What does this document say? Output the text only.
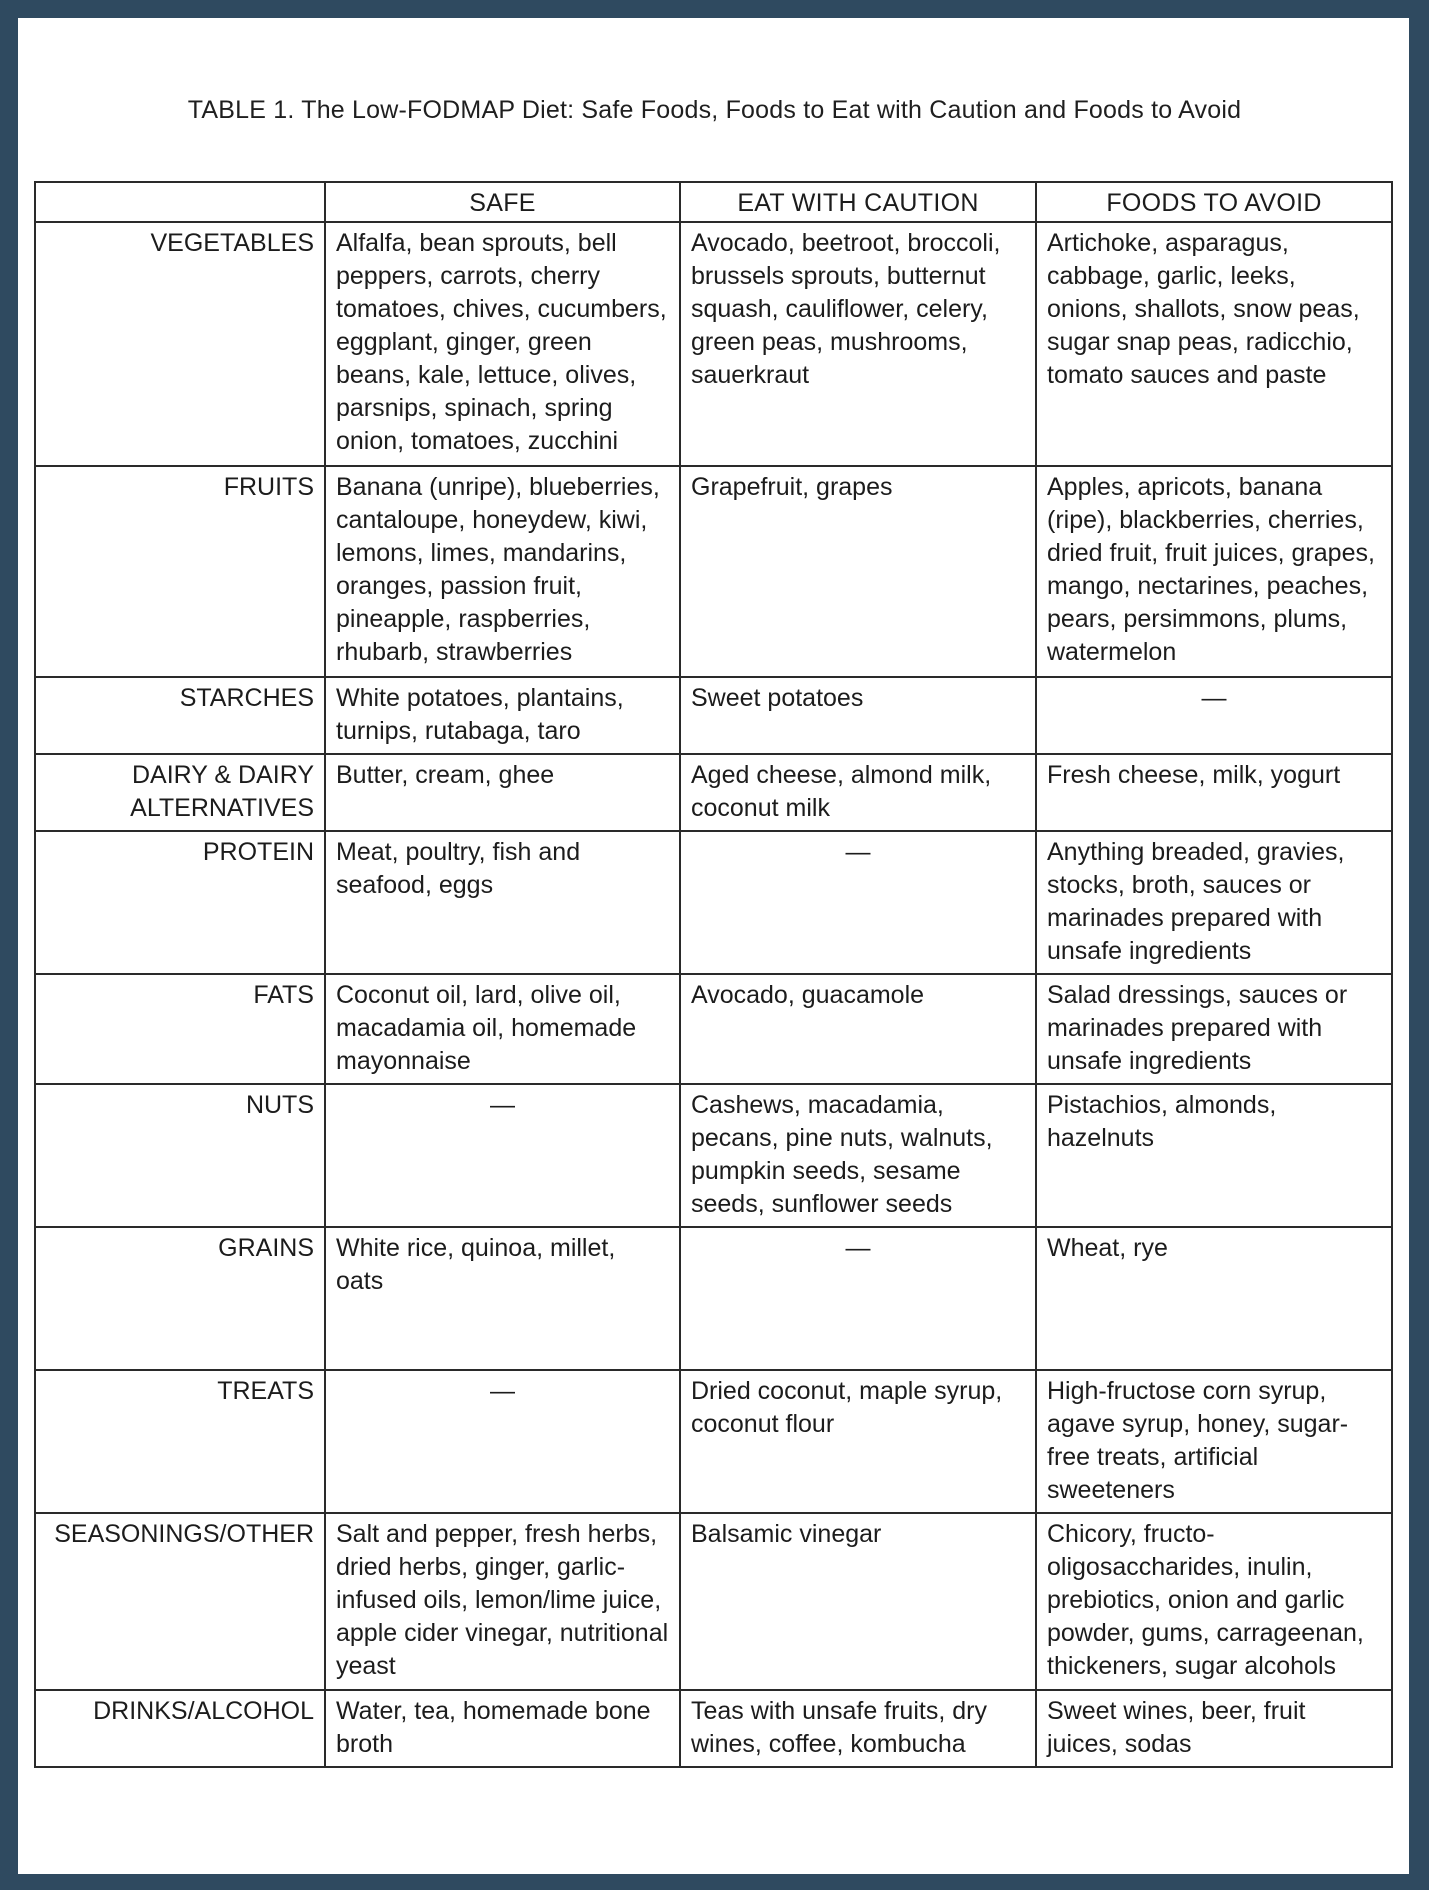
TABLE 1. The Low-FODMAP Diet: Safe Foods, Foods to Eat with Caution and Foods to Avoid
	SAFE	EAT WITH CAUTION	FOODS TO AVOID
VEGETABLES	Alfalfa, bean sprouts, bell peppers, carrots, cherry tomatoes, chives, cucumbers, eggplant, ginger, green beans, kale, lettuce, olives, parsnips, spinach, spring onion, tomatoes, zucchini	Avocado, beetroot, broccoli, brussels sprouts, butternut squash, cauliflower, celery, green peas, mushrooms, sauerkraut	Artichoke, asparagus, cabbage, garlic, leeks, onions, shallots, snow peas, sugar snap peas, radicchio, tomato sauces and paste
FRUITS	Banana (unripe), blueberries, cantaloupe, honeydew, kiwi, lemons, limes, mandarins, oranges, passion fruit, pineapple, raspberries, rhubarb, strawberries	Grapefruit, grapes	Apples, apricots, banana (ripe), blackberries, cherries, dried fruit, fruit juices, grapes, mango, nectarines, peaches, pears, persimmons, plums, watermelon
STARCHES	White potatoes, plantains, turnips, rutabaga, taro	Sweet potatoes	—
DAIRY & DAIRY ALTERNATIVES	Butter, cream, ghee	Aged cheese, almond milk, coconut milk	Fresh cheese, milk, yogurt
PROTEIN	Meat, poultry, fish and seafood, eggs	—	Anything breaded, gravies, stocks, broth, sauces or marinades prepared with unsafe ingredients
FATS	Coconut oil, lard, olive oil, macadamia oil, homemade mayonnaise	Avocado, guacamole	Salad dressings, sauces or marinades prepared with unsafe ingredients
NUTS	—	Cashews, macadamia, pecans, pine nuts, walnuts, pumpkin seeds, sesame seeds, sunflower seeds	Pistachios, almonds, hazelnuts
GRAINS	White rice, quinoa, millet, oats	—	Wheat, rye
TREATS	—	Dried coconut, maple syrup, coconut flour	High-fructose corn syrup, agave syrup, honey, sugar-free treats, artificial sweeteners
SEASONINGS/OTHER	Salt and pepper, fresh herbs, dried herbs, ginger, garlic-infused oils, lemon/lime juice, apple cider vinegar, nutritional yeast	Balsamic vinegar	Chicory, fructo-oligosaccharides, inulin, prebiotics, onion and garlic powder, gums, carrageenan, thickeners, sugar alcohols
DRINKS/ALCOHOL	Water, tea, homemade bone broth	Teas with unsafe fruits, dry wines, coffee, kombucha	Sweet wines, beer, fruit juices, sodas
